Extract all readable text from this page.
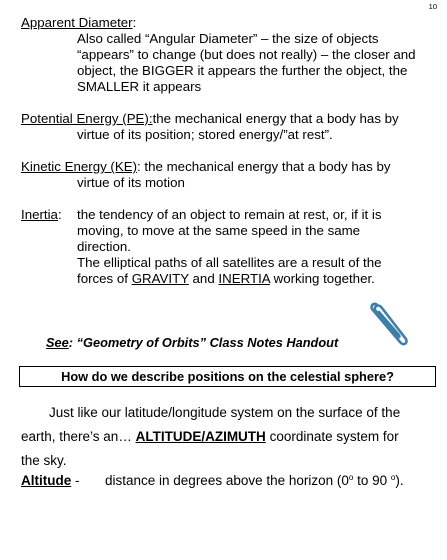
10
Apparent Diameter:
Also called “Angular Diameter” – the size of objects
“appears” to change (but does not really) – the closer and
object, the BIGGER it appears the further the object, the
SMALLER it appears
Potential Energy (PE):the mechanical energy that a body has by
virtue of its position; stored energy/”at rest”.
Kinetic Energy (KE): the mechanical energy that a body has by
virtue of its motion
Inertia: the tendency of an object to remain at rest, or, if it is
moving, to move at the same speed in the same
direction.
The elliptical paths of all satellites are a result of the
forces of GRAVITY and INERTIA working together.
See: “Geometry of Orbits” Class Notes Handout
How do we describe positions on the celestial sphere?
Just like our latitude/longitude system on the surface of the
earth, there’s an… ALTITUDE/AZIMUTH coordinate system for
the sky.
Altitude - distance in degrees above the horizon (0$^o$ to 90 $^o$).
